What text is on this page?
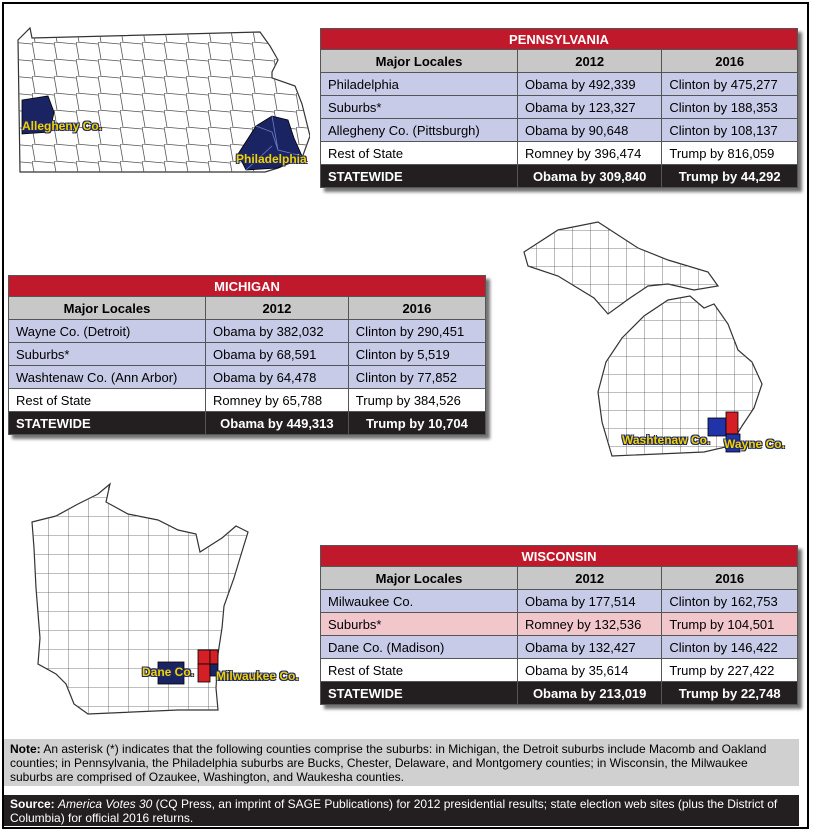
Allegheny Co.
Philadelphia
PENNSYLVANIA		
Major Locales	2012	2016
Philadelphia	Obama by 492,339	Clinton by 475,277
Suburbs*	Obama by 123,327	Clinton by 188,353
Allegheny Co. (Pittsburgh)	Obama by 90,648	Clinton by 108,137
Rest of State	Romney by 396,474	Trump by 816,059
STATEWIDE	Obama by 309,840	Trump by 44,292
Washtenaw Co. Wayne Co.
MICHIGAN		
Major Locales	2012	2016
Wayne Co. (Detroit)	Obama by 382,032	Clinton by 290,451
Suburbs*	Obama by 68,591	Clinton by 5,519
Washtenaw Co. (Ann Arbor)	Obama by 64,478	Clinton by 77,852
Rest of State	Romney by 65,788	Trump by 384,526
STATEWIDE	Obama by 449,313	Trump by 10,704
Dane Co. Milwaukee Co.
WISCONSIN		
Major Locales	2012	2016
Milwaukee Co.	Obama by 177,514	Clinton by 162,753
Suburbs*	Romney by 132,536	Trump by 104,501
Dane Co. (Madison)	Obama by 132,427	Clinton by 146,422
Rest of State	Obama by 35,614	Trump by 227,422
STATEWIDE	Obama by 213,019	Trump by 22,748
Note: An asterisk (*) indicates that the following counties comprise the suburbs: in Michigan, the Detroit suburbs include Macomb and Oakland counties; in Pennsylvania, the Philadelphia suburbs are Bucks, Chester, Delaware, and Montgomery counties; in Wisconsin, the Milwaukee suburbs are comprised of Ozaukee, Washington, and Waukesha counties.
Source: America Votes 30 (CQ Press, an imprint of SAGE Publications) for 2012 presidential results; state election web sites (plus the District of Columbia) for official 2016 returns.
